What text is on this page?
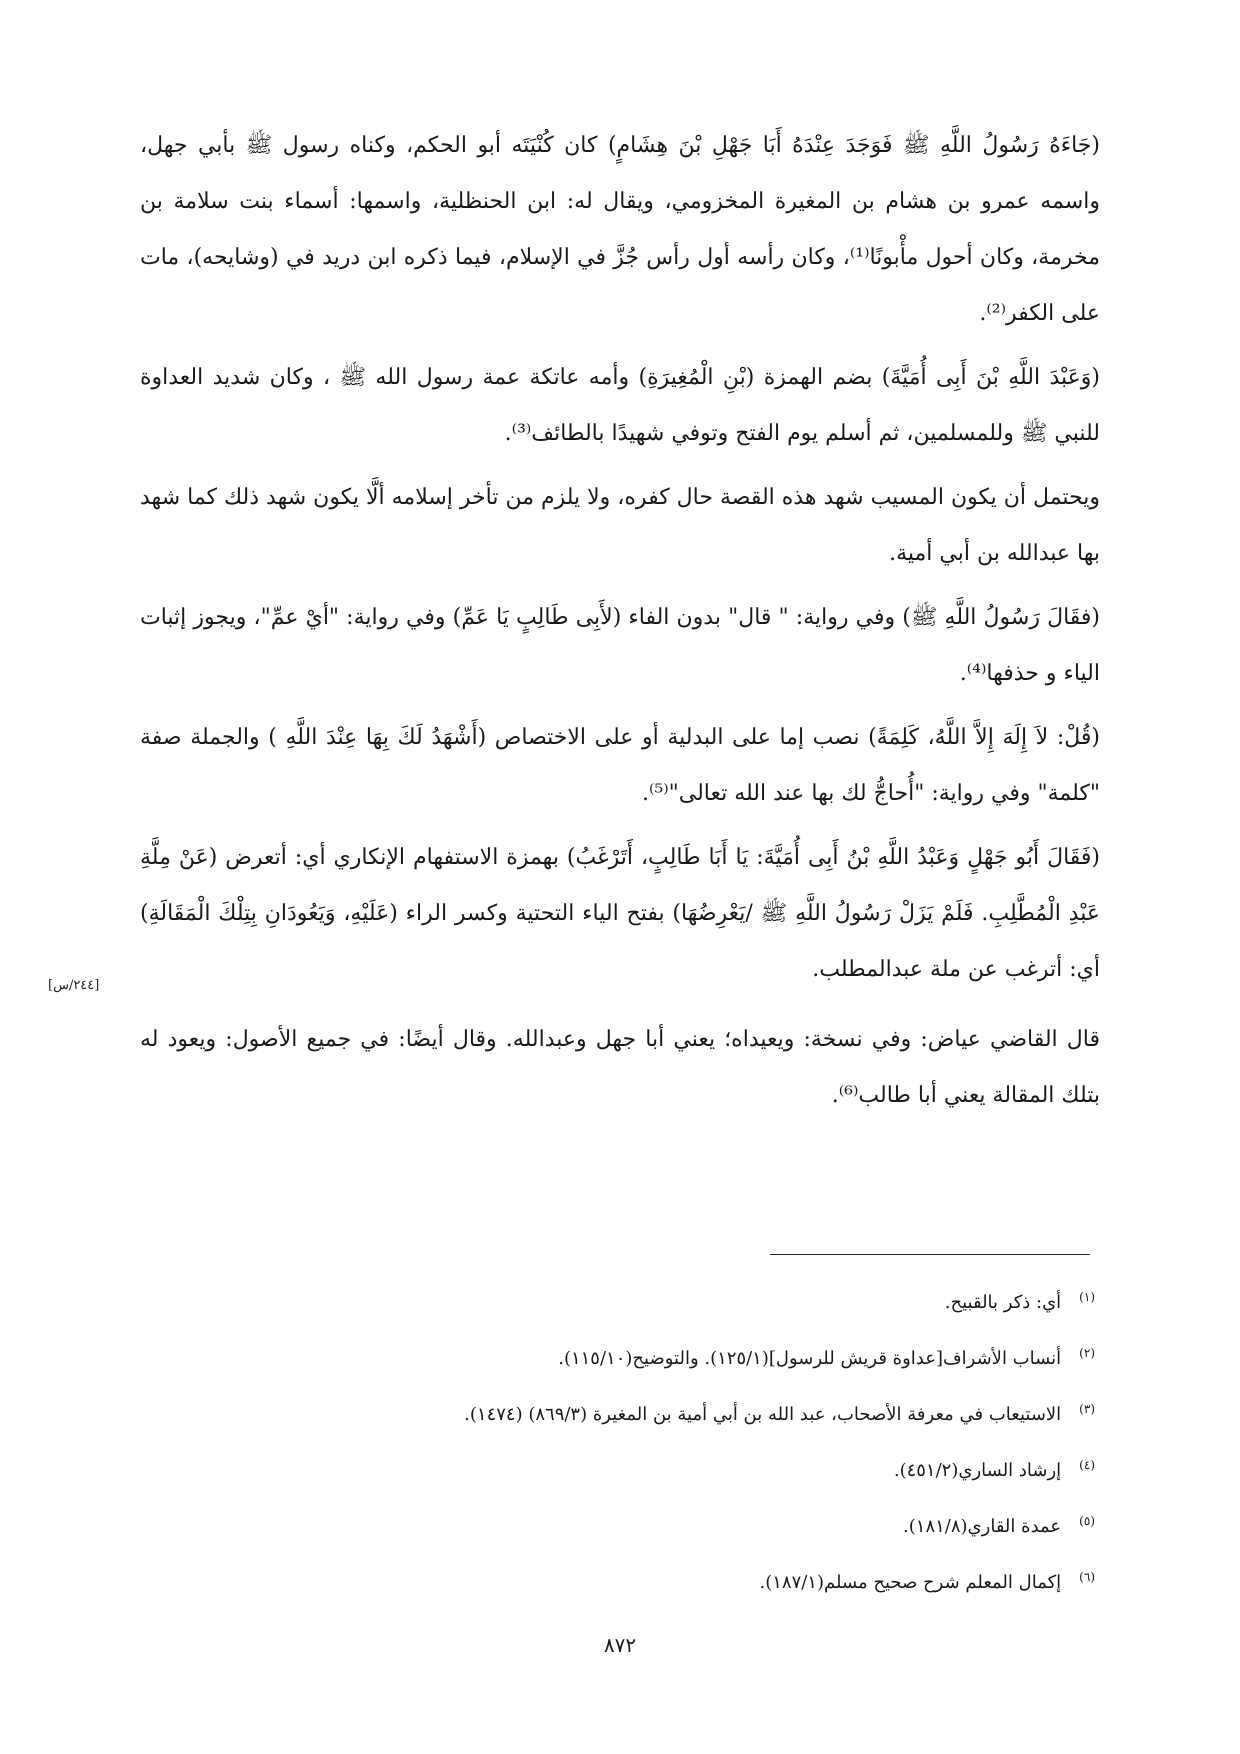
(جَاءَهُ رَسُولُ اللَّهِ ﷺ فَوَجَدَ عِنْدَهُ أَبَا جَهْلِ بْنَ هِشَامٍ) كان كُنْيَتَه أبو الحكم، وكناه رسول ﷺ بأبي جهل، واسمه عمرو بن هشام بن المغيرة المخزومي، ويقال له: ابن الحنظلية، واسمها: أسماء بنت سلامة بن مخرمة، وكان أحول مأْبونًا⁽¹⁾، وكان رأسه أول رأس جُزَّ في الإسلام، فيما ذكره ابن دريد في (وشايحه)، مات على الكفر⁽²⁾.

(وَعَبْدَ اللَّهِ بْنَ أَبِى أُمَيَّةَ) بضم الهمزة (بْنِ الْمُغِيرَةِ) وأمه عاتكة عمة رسول الله ﷺ ، وكان شديد العداوة للنبي ﷺ وللمسلمين، ثم أسلم يوم الفتح وتوفي شهيدًا بالطائف⁽³⁾.

ويحتمل أن يكون المسيب شهد هذه القصة حال كفره، ولا يلزم من تأخر إسلامه ألَّا يكون شهد ذلك كما شهد بها عبدالله بن أبي أمية.

(فقَالَ رَسُولُ اللَّهِ ﷺ) وفي رواية: " قال" بدون الفاء (لأَبِى طَالِبٍ يَا عَمِّ) وفي رواية: "أيْ عمِّ"، ويجوز إثبات الياء و حذفها⁽⁴⁾.

(قُلْ: لاَ إِلَهَ إِلاَّ اللَّهُ، كَلِمَةً) نصب إما على البدلية أو على الاختصاص (أَشْهَدُ لَكَ بِهَا عِنْدَ اللَّهِ ) والجملة صفة "كلمة" وفي رواية: "أُحاجُّ لك بها عند الله تعالى"⁽⁵⁾.

(فَقَالَ أَبُو جَهْلٍ وَعَبْدُ اللَّهِ بْنُ أَبِى أُمَيَّةَ: يَا أَبَا طَالِبٍ، أَتَرْغَبُ) بهمزة الاستفهام الإنكاري أي: أتعرض (عَنْ مِلَّةِ عَبْدِ الْمُطَّلِبِ. فَلَمْ يَزَلْ رَسُولُ اللَّهِ ﷺ /يَعْرِضُهَا) بفتح الياء التحتية وكسر الراء (عَلَيْهِ، وَيَعُودَانِ بِتِلْكَ الْمَقَالَةِ) أي: أترغب عن ملة عبدالمطلب.

قال القاضي عياض: وفي نسخة: ويعيداه؛ يعني أبا جهل وعبدالله. وقال أيضًا: في جميع الأصول: ويعود له بتلك المقالة يعني أبا طالب⁽⁶⁾.

[٢٤٤/س]

$^{(١)}$أي: ذكر بالقبيح.

$^{(٢)}$أنساب الأشراف[عداوة قريش للرسول](١٢٥/١). والتوضيح(١١٥/١٠).

$^{(٣)}$الاستيعاب في معرفة الأصحاب، عبد الله بن أبي أمية بن المغيرة (٨٦٩/٣) (١٤٧٤).

$^{(٤)}$إرشاد الساري(٤٥١/٢).

$^{(٥)}$عمدة القاري(١٨١/٨).

$^{(٦)}$إكمال المعلم شرح صحيح مسلم(١٨٧/١).

٨٧٢
